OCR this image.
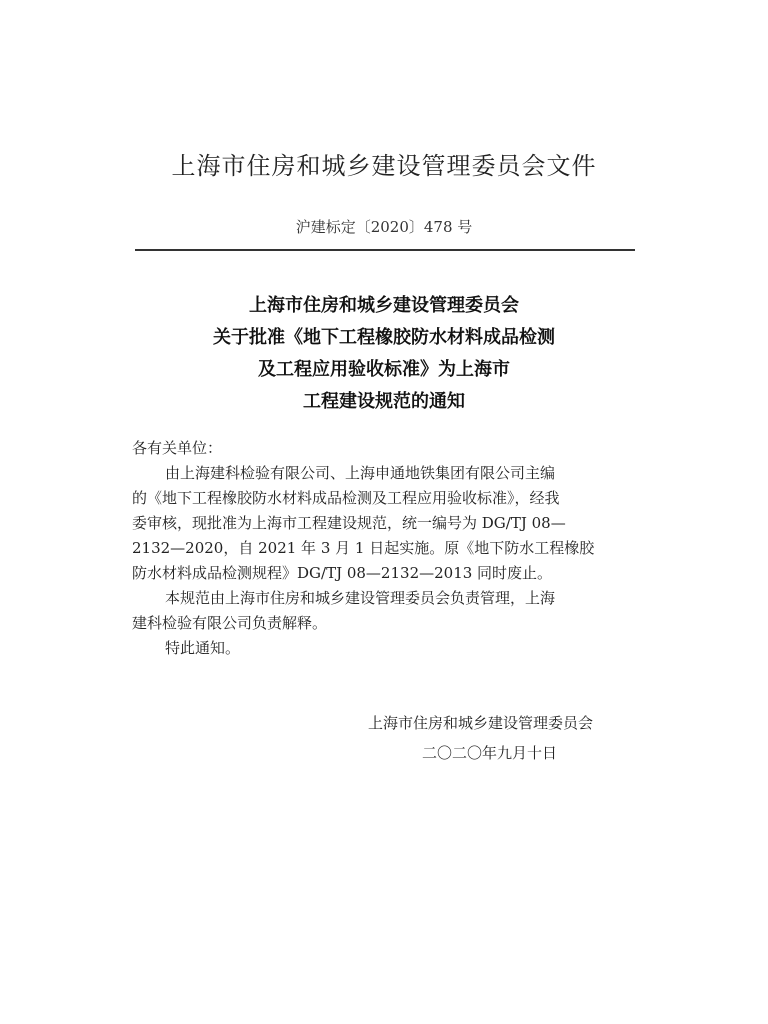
上海市住房和城乡建设管理委员会文件
沪建标定〔2020〕478 号
上海市住房和城乡建设管理委员会
关于批准《地下工程橡胶防水材料成品检测
及工程应用验收标准》为上海市
工程建设规范的通知
各有关单位：
由上海建科检验有限公司、上海申通地铁集团有限公司主编
的《地下工程橡胶防水材料成品检测及工程应用验收标准》，经我
委审核，现批准为上海市工程建设规范，统一编号为 DG/TJ 08—
2132—2020，自 2021 年 3 月 1 日起实施。原《地下防水工程橡胶
防水材料成品检测规程》DG/TJ 08—2132—2013 同时废止。
本规范由上海市住房和城乡建设管理委员会负责管理，上海
建科检验有限公司负责解释。
特此通知。
上海市住房和城乡建设管理委员会
二〇二〇年九月十日
